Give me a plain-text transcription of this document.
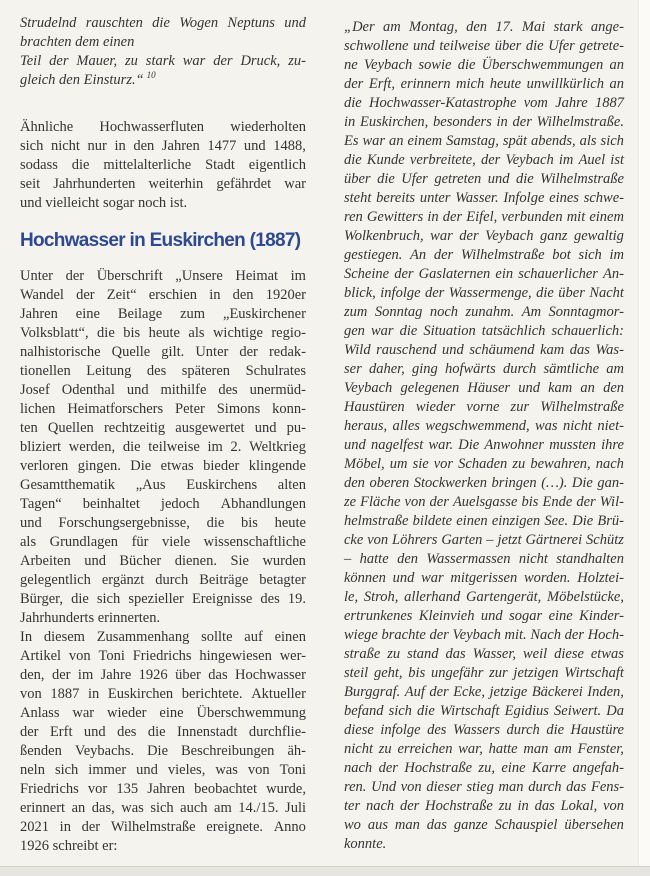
Strudelnd rauschten die Wogen Neptuns und
brachten dem einen
Teil der Mauer, zu stark war der Druck, zu-
gleich den Einsturz.“ $^{10}$
Ähnliche Hochwasserfluten wiederholten
sich nicht nur in den Jahren 1477 und 1488,
sodass die mittelalterliche Stadt eigentlich
seit Jahrhunderten weiterhin gefährdet war
und vielleicht sogar noch ist.
Hochwasser in Euskirchen (1887)
Unter der Überschrift „Unsere Heimat im
Wandel der Zeit“ erschien in den 1920er
Jahren eine Beilage zum „Euskirchener
Volksblatt“, die bis heute als wichtige regio-
nalhistorische Quelle gilt. Unter der redak-
tionellen Leitung des späteren Schulrates
Josef Odenthal und mithilfe des unermüd-
lichen Heimatforschers Peter Simons konn-
ten Quellen rechtzeitig ausgewertet und pu-
bliziert werden, die teilweise im 2. Weltkrieg
verloren gingen. Die etwas bieder klingende
Gesamtthematik „Aus Euskirchens alten
Tagen“ beinhaltet jedoch Abhandlungen
und Forschungsergebnisse, die bis heute
als Grundlagen für viele wissenschaftliche
Arbeiten und Bücher dienen. Sie wurden
gelegentlich ergänzt durch Beiträge betagter
Bürger, die sich spezieller Ereignisse des 19.
Jahrhunderts erinnerten.
In diesem Zusammenhang sollte auf einen
Artikel von Toni Friedrichs hingewiesen wer-
den, der im Jahre 1926 über das Hochwasser
von 1887 in Euskirchen berichtete. Aktueller
Anlass war wieder eine Überschwemmung
der Erft und des die Innenstadt durchflie-
ßenden Veybachs. Die Beschreibungen äh-
neln sich immer und vieles, was von Toni
Friedrichs vor 135 Jahren beobachtet wurde,
erinnert an das, was sich auch am 14./15. Juli
2021 in der Wilhelmstraße ereignete. Anno
1926 schreibt er:
„Der am Montag, den 17. Mai stark ange-
schwollene und teilweise über die Ufer getrete-
ne Veybach sowie die Überschwemmungen an
der Erft, erinnern mich heute unwillkürlich an
die Hochwasser-Katastrophe vom Jahre 1887
in Euskirchen, besonders in der Wilhelmstraße.
Es war an einem Samstag, spät abends, als sich
die Kunde verbreitete, der Veybach im Auel ist
über die Ufer getreten und die Wilhelmstraße
steht bereits unter Wasser. Infolge eines schwe-
ren Gewitters in der Eifel, verbunden mit einem
Wolkenbruch, war der Veybach ganz gewaltig
gestiegen. An der Wilhelmstraße bot sich im
Scheine der Gaslaternen ein schauerlicher An-
blick, infolge der Wassermenge, die über Nacht
zum Sonntag noch zunahm. Am Sonntagmor-
gen war die Situation tatsächlich schauerlich:
Wild rauschend und schäumend kam das Was-
ser daher, ging hofwärts durch sämtliche am
Veybach gelegenen Häuser und kam an den
Haustüren wieder vorne zur Wilhelmstraße
heraus, alles wegschwemmend, was nicht niet-
und nagelfest war. Die Anwohner mussten ihre
Möbel, um sie vor Schaden zu bewahren, nach
den oberen Stockwerken bringen (…). Die gan-
ze Fläche von der Auelsgasse bis Ende der Wil-
helmstraße bildete einen einzigen See. Die Brü-
cke von Löhrers Garten – jetzt Gärtnerei Schütz
– hatte den Wassermassen nicht standhalten
können und war mitgerissen worden. Holztei-
le, Stroh, allerhand Gartengerät, Möbelstücke,
ertrunkenes Kleinvieh und sogar eine Kinder-
wiege brachte der Veybach mit. Nach der Hoch-
straße zu stand das Wasser, weil diese etwas
steil geht, bis ungefähr zur jetzigen Wirtschaft
Burggraf. Auf der Ecke, jetzige Bäckerei Inden,
befand sich die Wirtschaft Egidius Seiwert. Da
diese infolge des Wassers durch die Haustüre
nicht zu erreichen war, hatte man am Fenster,
nach der Hochstraße zu, eine Karre angefah-
ren. Und von dieser stieg man durch das Fens-
ter nach der Hochstraße zu in das Lokal, von
wo aus man das ganze Schauspiel übersehen
konnte.
